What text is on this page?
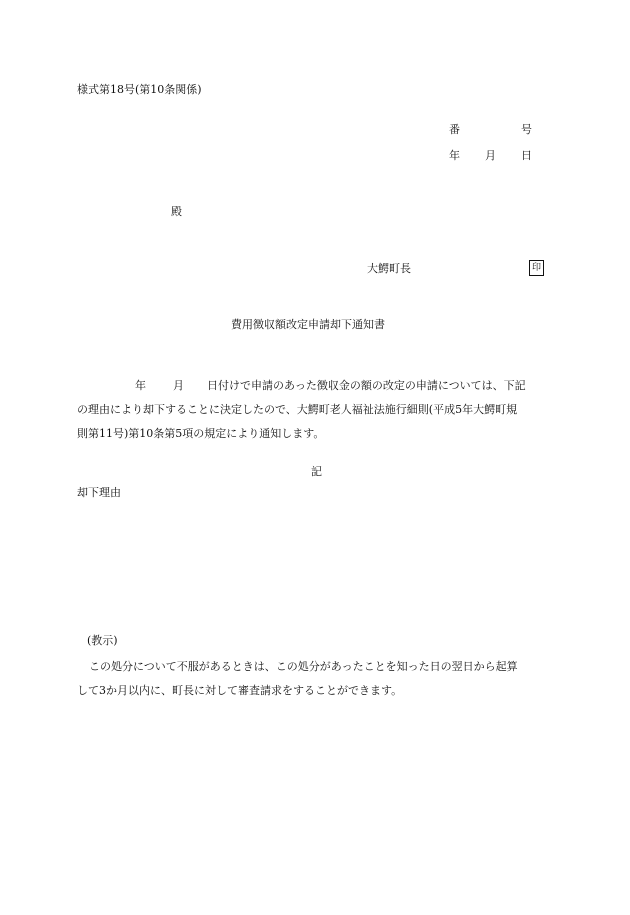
様式第18号(第10条関係)
番	号
年 月 日
殿
大鰐町長	印
費用徴収額改定申請却下通知書
年 月 日付けで申請のあった徴収金の額の改定の申請については、下記
の理由により却下することに決定したので、大鰐町老人福祉法施行細則(平成5年大鰐町規
則第11号)第10条第5項の規定により通知します。
記
却下理由
(教示)
この処分について不服があるときは、この処分があったことを知った日の翌日から起算
して3か月以内に、町長に対して審査請求をすることができます。
